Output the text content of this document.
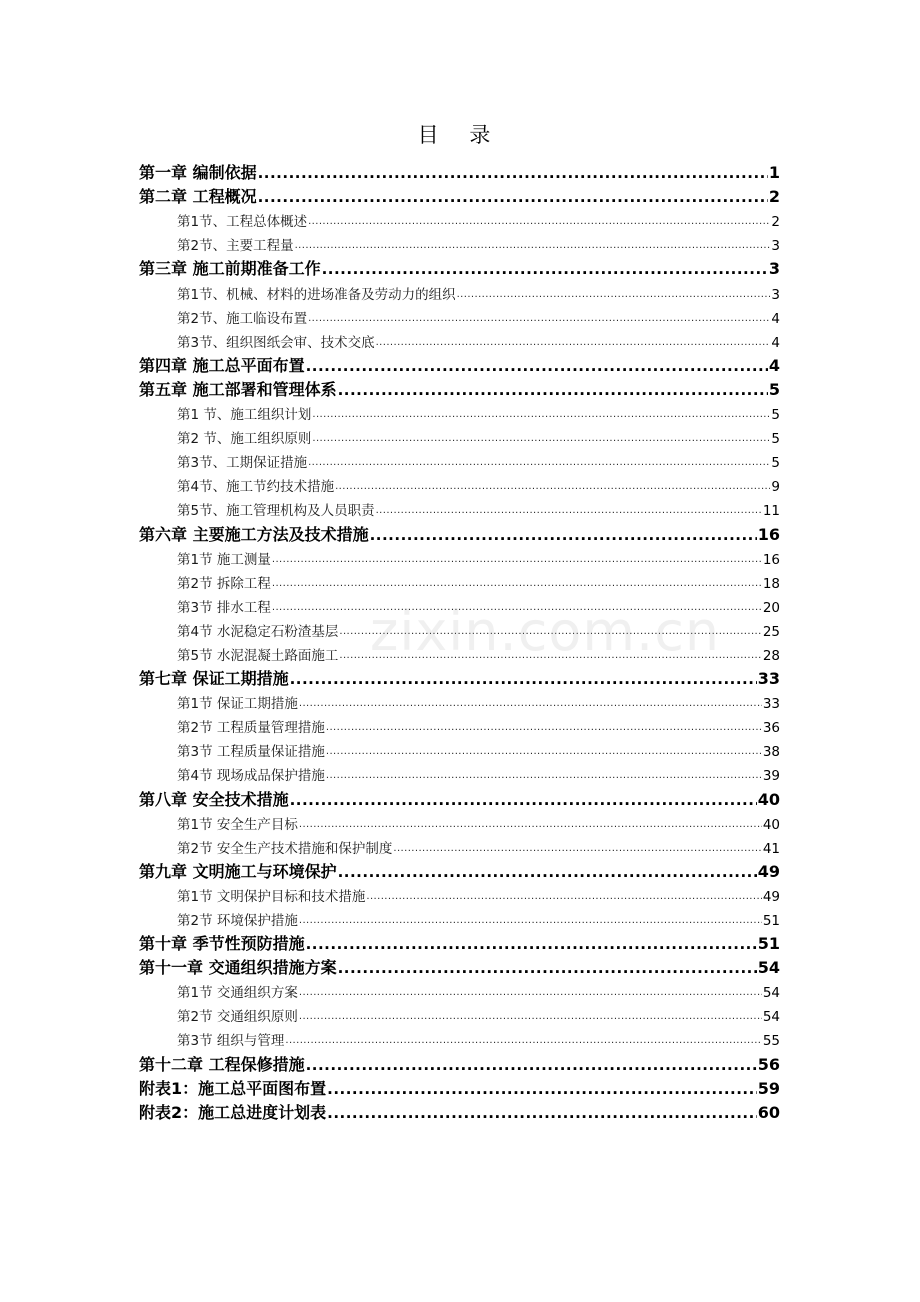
目 录
第一章 编制依据 .....	1
第二章 工程概况 .....	2
第1节、工程总体概述 .....	2
第2节、主要工程量 .....	3
第三章 施工前期准备工作 .....	3
第1节、机械、材料的进场准备及劳动力的组织 .....	3
第2节、施工临设布置 .....	4
第3节、组织图纸会审、技术交底 .....	4
第四章 施工总平面布置 .....	4
第五章 施工部署和管理体系 .....	5
第1 节、施工组织计划 .....	5
第2 节、施工组织原则 .....	5
第3节、工期保证措施 .....	5
第4节、施工节约技术措施 .....	9
第5节、施工管理机构及人员职责 .....	11
第六章 主要施工方法及技术措施 .....	16
第1节 施工测量 .....	16
第2节 拆除工程 .....	18
第3节 排水工程 .....	20
第4节 水泥稳定石粉渣基层 .....	25
第5节 水泥混凝土路面施工 .....	28
第七章 保证工期措施 .....	33
第1节 保证工期措施 .....	33
第2节 工程质量管理措施 .....	36
第3节 工程质量保证措施 .....	38
第4节 现场成品保护措施 .....	39
第八章 安全技术措施 .....	40
第1节 安全生产目标 .....	40
第2节 安全生产技术措施和保护制度 .....	41
第九章 文明施工与环境保护 .....	49
第1节 文明保护目标和技术措施 .....	49
第2节 环境保护措施 .....	51
第十章 季节性预防措施 .....	51
第十一章 交通组织措施方案 .....	54
第1节 交通组织方案 .....	54
第2节 交通组织原则 .....	54
第3节 组织与管理 .....	55
第十二章 工程保修措施 .....	56
附表1：施工总平面图布置 .....	59
附表2：施工总进度计划表 .....	60
zixin.com.cn
